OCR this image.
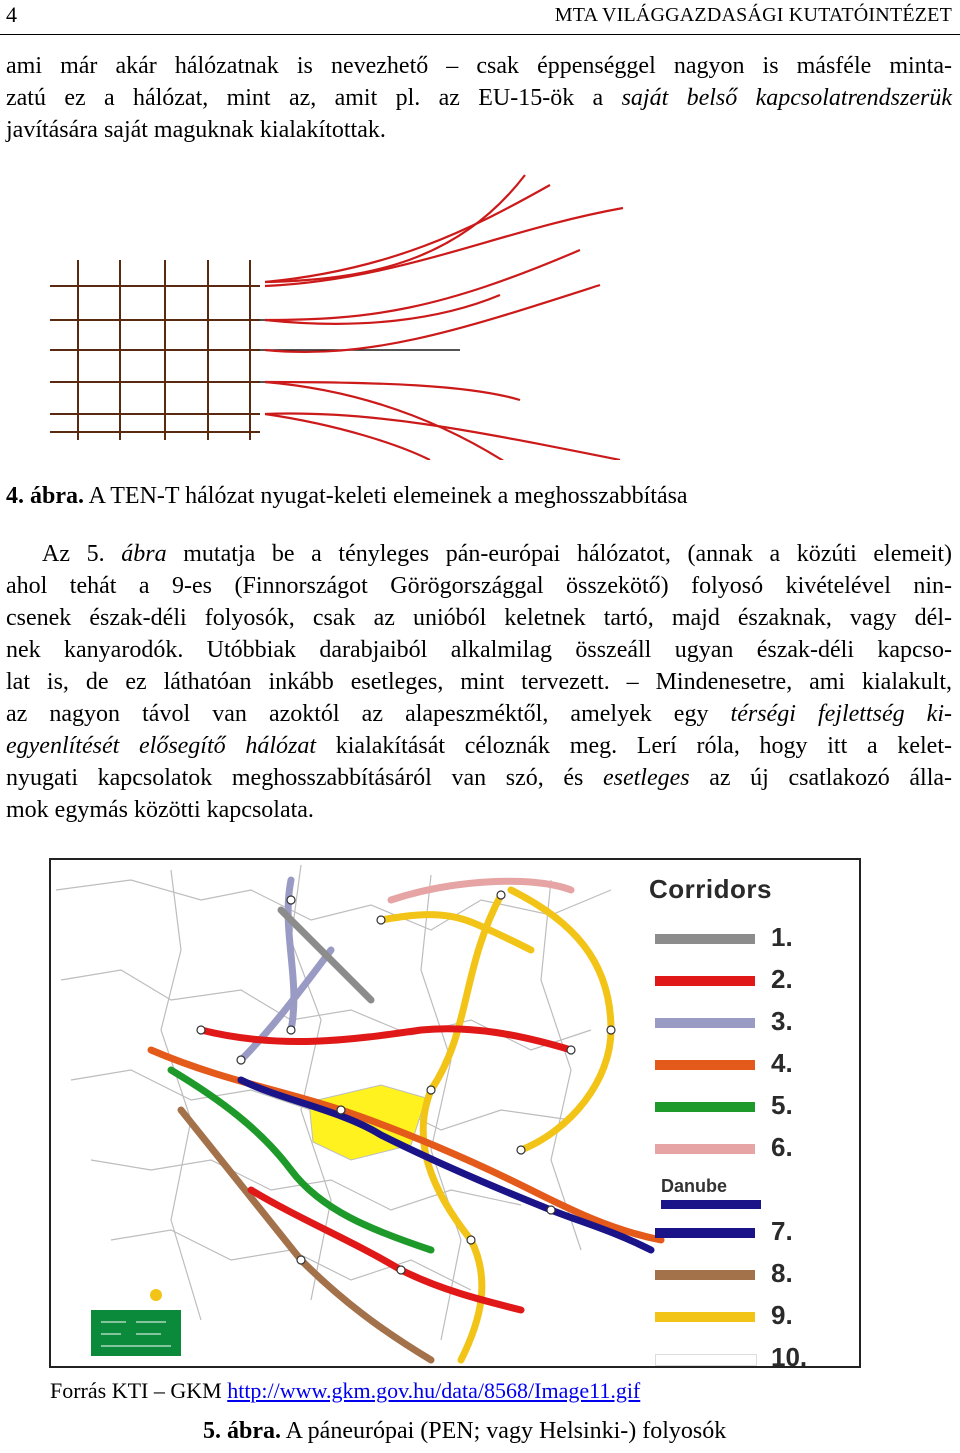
4	MTA VILÁGGAZDASÁGI KUTATÓINTÉZET
ami már akár hálózatnak is nevezhető – csak éppenséggel nagyon is másféle minta-
zatú ez a hálózat, mint az, amit pl. az EU-15-ök a saját belső kapcsolatrendszerük
javítására saját maguknak kialakítottak.
4. ábra. A TEN-T hálózat nyugat-keleti elemeinek a meghosszabbítása
  Az 5. ábra mutatja be a tényleges pán-európai hálózatot, (annak a közúti elemeit)
ahol tehát a 9-es (Finnországot Görögországgal összekötő) folyosó kivételével nin-
csenek észak-déli folyosók, csak az unióból keletnek tartó, majd északnak, vagy dél-
nek kanyarodók. Utóbbiak darabjaiból alkalmilag összeáll ugyan észak-déli kapcso-
lat is, de ez láthatóan inkább esetleges, mint tervezett. – Mindenesetre, ami kialakult,
az nagyon távol van azoktól az alapeszméktől, amelyek egy térségi fejlettség ki-
egyenlítését elősegítő hálózat kialakítását céloznák meg. Lerí róla, hogy itt a kelet-
nyugati kapcsolatok meghosszabbításáról van szó, és esetleges az új csatlakozó álla-
mok egymás közötti kapcsolata.
Corridors
1.
2.
3.
4.
5.
6.
Danube
7.
8.
9.
10.
Forrás KTI – GKM http://www.gkm.gov.hu/data/8568/Image11.gif
5. ábra. A páneurópai (PEN; vagy Helsinki-) folyosók
